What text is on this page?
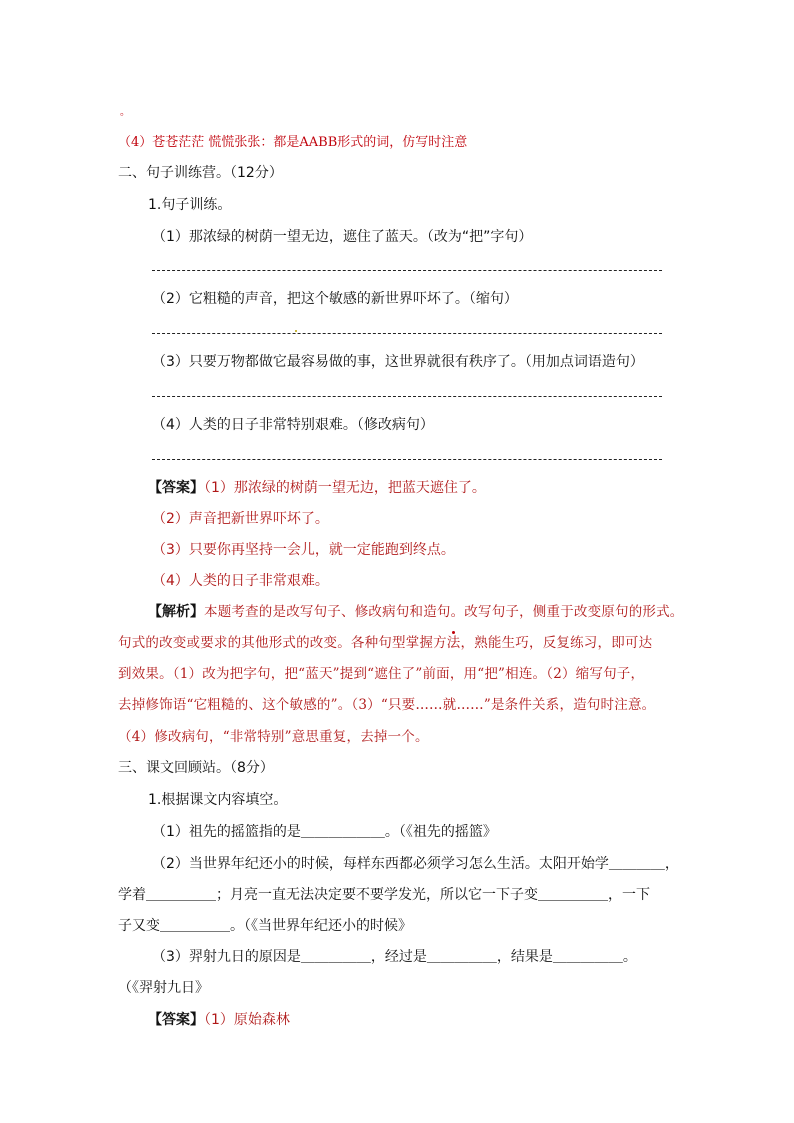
。
（4）苍苍茫茫 慌慌张张：都是AABB形式的词，仿写时注意
二、句子训练营。（12分）
1.句子训练。
（1）那浓绿的树荫一望无边，遮住了蓝天。（改为“把”字句）
（2）它粗糙的声音，把这个敏感的新世界吓坏了。（缩句）
（3）只要万物都做它最容易做的事，这世界就很有秩序了。（用加点词语造句）
（4）人类的日子非常特别艰难。（修改病句）
【答案】（1）那浓绿的树荫一望无边，把蓝天遮住了。
（2）声音把新世界吓坏了。
（3）只要你再坚持一会儿，就一定能跑到终点。
（4）人类的日子非常艰难。
【解析】本题考查的是改写句子、修改病句和造句。改写句子，侧重于改变原句的形式。
句式的改变或要求的其他形式的改变。各种句型掌握方法，熟能生巧，反复练习，即可达
到效果。（1）改为把字句，把“蓝天”提到“遮住了”前面，用“把”相连。（2）缩写句子，
去掉修饰语“它粗糙的、这个敏感的”。（3）“只要……就……”是条件关系，造句时注意。
（4）修改病句，“非常特别”意思重复，去掉一个。
三、课文回顾站。（8分）
1.根据课文内容填空。
（1）祖先的摇篮指的是＿＿＿＿＿＿。（《祖先的摇篮》
（2）当世界年纪还小的时候，每样东西都必须学习怎么生活。太阳开始学＿＿＿＿，
学着＿＿＿＿＿；月亮一直无法决定要不要学发光，所以它一下子变＿＿＿＿＿，一下
子又变＿＿＿＿＿。（《当世界年纪还小的时候》
（3）羿射九日的原因是＿＿＿＿＿，经过是＿＿＿＿＿，结果是＿＿＿＿＿。
（《羿射九日》
【答案】（1）原始森林
